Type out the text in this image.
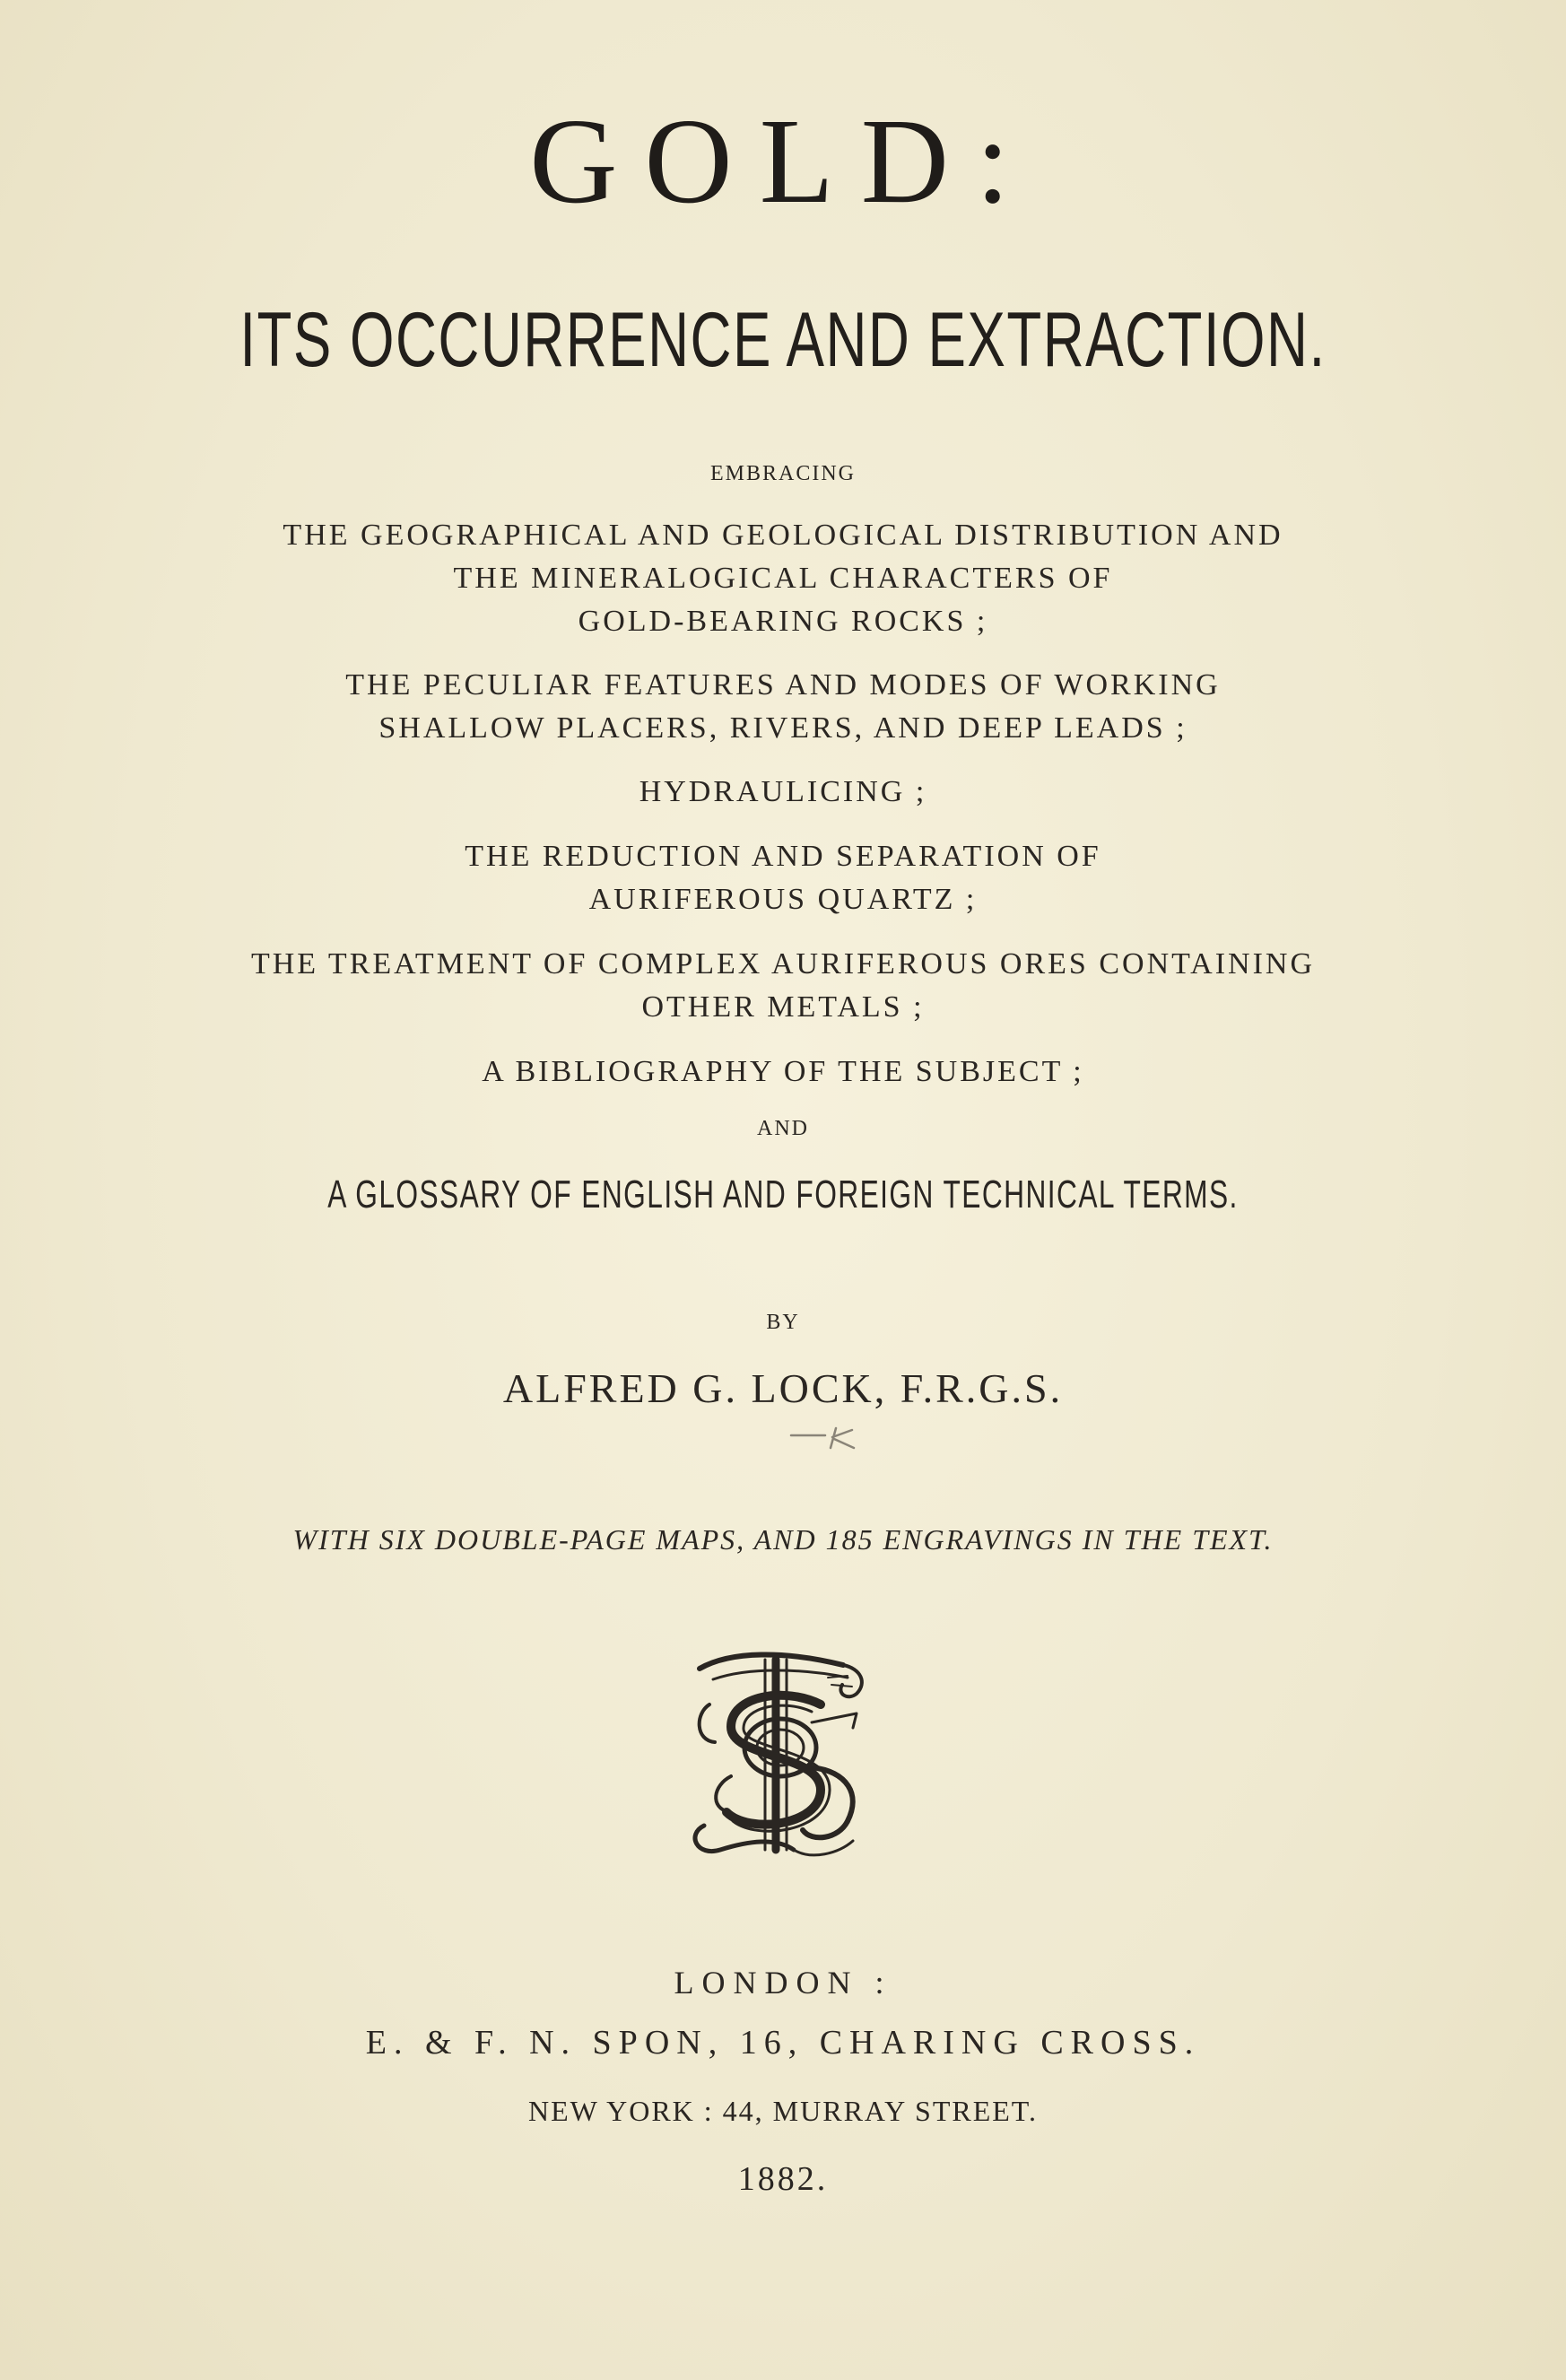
GOLD:
ITS OCCURRENCE AND EXTRACTION.
EMBRACING
THE GEOGRAPHICAL AND GEOLOGICAL DISTRIBUTION AND
THE MINERALOGICAL CHARACTERS OF
GOLD-BEARING ROCKS ;
THE PECULIAR FEATURES AND MODES OF WORKING
SHALLOW PLACERS, RIVERS, AND DEEP LEADS ;
HYDRAULICING ;
THE REDUCTION AND SEPARATION OF
AURIFEROUS QUARTZ ;
THE TREATMENT OF COMPLEX AURIFEROUS ORES CONTAINING
OTHER METALS ;
A BIBLIOGRAPHY OF THE SUBJECT ;
AND
A GLOSSARY OF ENGLISH AND FOREIGN TECHNICAL TERMS.
BY
ALFRED G. LOCK, F.R.G.S.
WITH SIX DOUBLE-PAGE MAPS, AND 185 ENGRAVINGS IN THE TEXT.
LONDON :
E. & F. N. SPON, 16, CHARING CROSS.
NEW YORK : 44, MURRAY STREET.
1882.
